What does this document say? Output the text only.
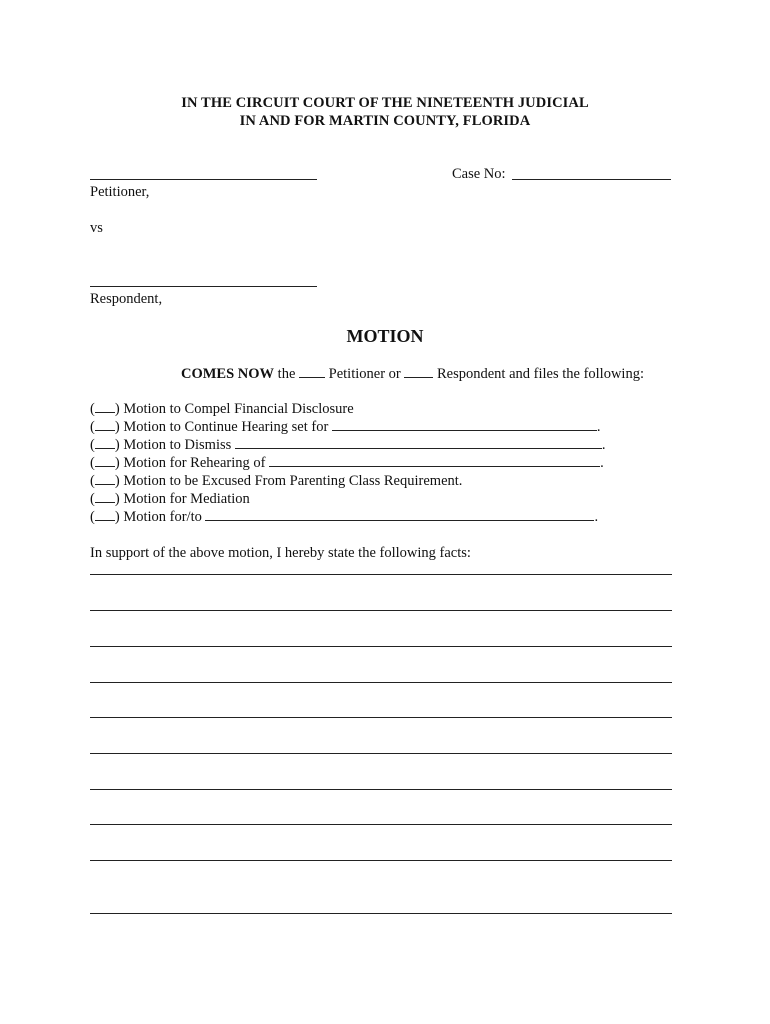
IN THE CIRCUIT COURT OF THE NINETEENTH JUDICIAL
IN AND FOR MARTIN COUNTY, FLORIDA
Petitioner,
Case No:
vs
Respondent,
MOTION
COMES NOW the Petitioner or	Respondent and files the following:
( ) Motion to Compel Financial Disclosure
( ) Motion to Continue Hearing set for	.
( ) Motion to Dismiss	.
( ) Motion for Rehearing of	.
( ) Motion to be Excused From Parenting Class Requirement.
( ) Motion for Mediation
( ) Motion for/to	.
In support of the above motion, I hereby state the following facts:
